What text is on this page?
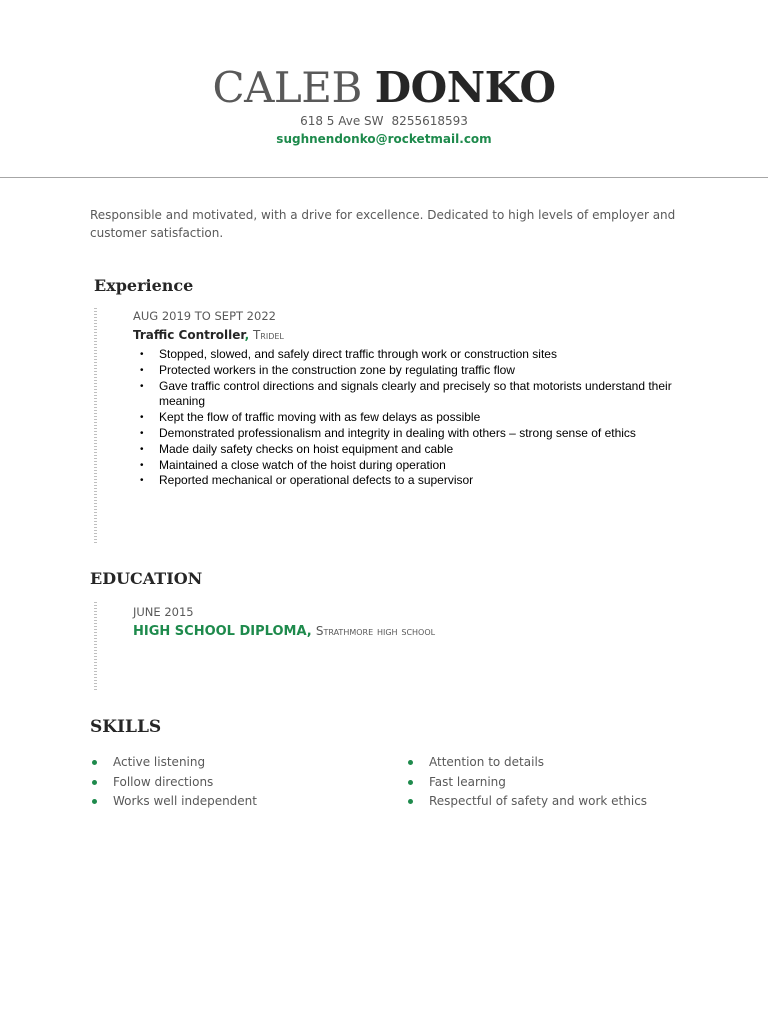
CALEB DONKO
618 5 Ave SW 8255618593
sughnendonko@rocketmail.com
Responsible and motivated, with a drive for excellence. Dedicated to high levels of employer and customer satisfaction.
Experience
AUG 2019 TO SEPT 2022
Traffic Controller, Tridel
• Stopped, slowed, and safely direct traffic through work or construction sites
• Protected workers in the construction zone by regulating traffic flow
• Gave traffic control directions and signals clearly and precisely so that motorists understand their meaning
• Kept the flow of traffic moving with as few delays as possible
• Demonstrated professionalism and integrity in dealing with others – strong sense of ethics
• Made daily safety checks on hoist equipment and cable
• Maintained a close watch of the hoist during operation
• Reported mechanical or operational defects to a supervisor
EDUCATION
JUNE 2015
HIGH SCHOOL DIPLOMA, Strathmore high school
SKILLS
Active listening
Follow directions
Works well independent
Attention to details
Fast learning
Respectful of safety and work ethics
